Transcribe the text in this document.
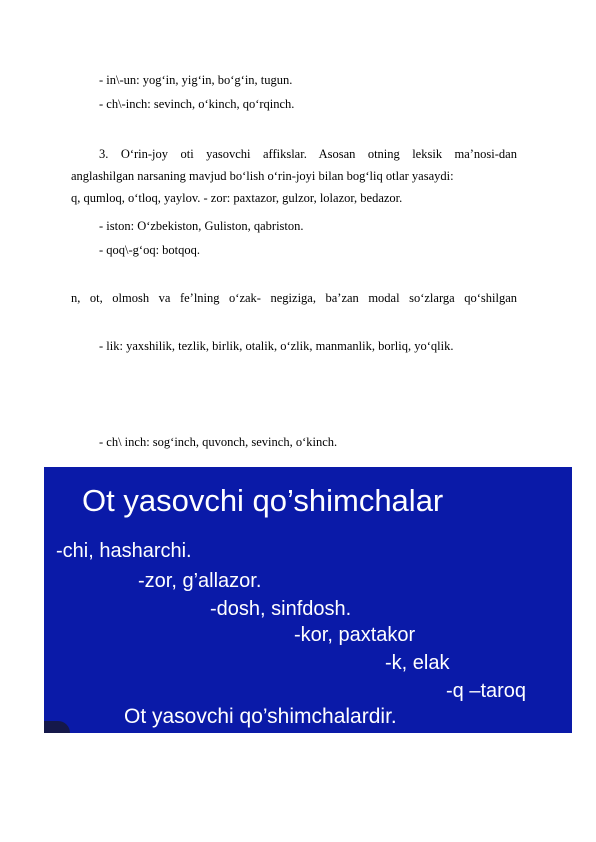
- in\-un: yog‘in, yig‘in, bo‘g‘in, tugun.
- ch\-inch: sevinch, o‘kinch, qo‘rqinch.
3. O‘rin-joy oti yasovchi affikslar. Asosan otning leksik ma’nosi-dan
anglashilgan narsaning mavjud bo‘lish o‘rin-joyi bilan bog‘liq otlar yasaydi:
q, qumloq, o‘tloq, yaylov. - zor: paxtazor, gulzor, lolazor, bedazor.
- iston: O‘zbekiston, Guliston, qabriston.
- qoq\-g‘oq: botqoq.
n, ot, olmosh va fe’lning o‘zak- negiziga, ba’zan modal so‘zlarga qo‘shilgan
- lik: yaxshilik, tezlik, birlik, otalik, o‘zlik, manmanlik, borliq, yo‘qlik.
- ch\ inch: sog‘inch, quvonch, sevinch, o‘kinch.
Ot yasovchi qo’shimchalar
-chi, hasharchi.
-zor, g’allazor.
-dosh, sinfdosh.
-kor, paxtakor
-k, elak
-q –taroq
Ot yasovchi qo’shimchalardir.
